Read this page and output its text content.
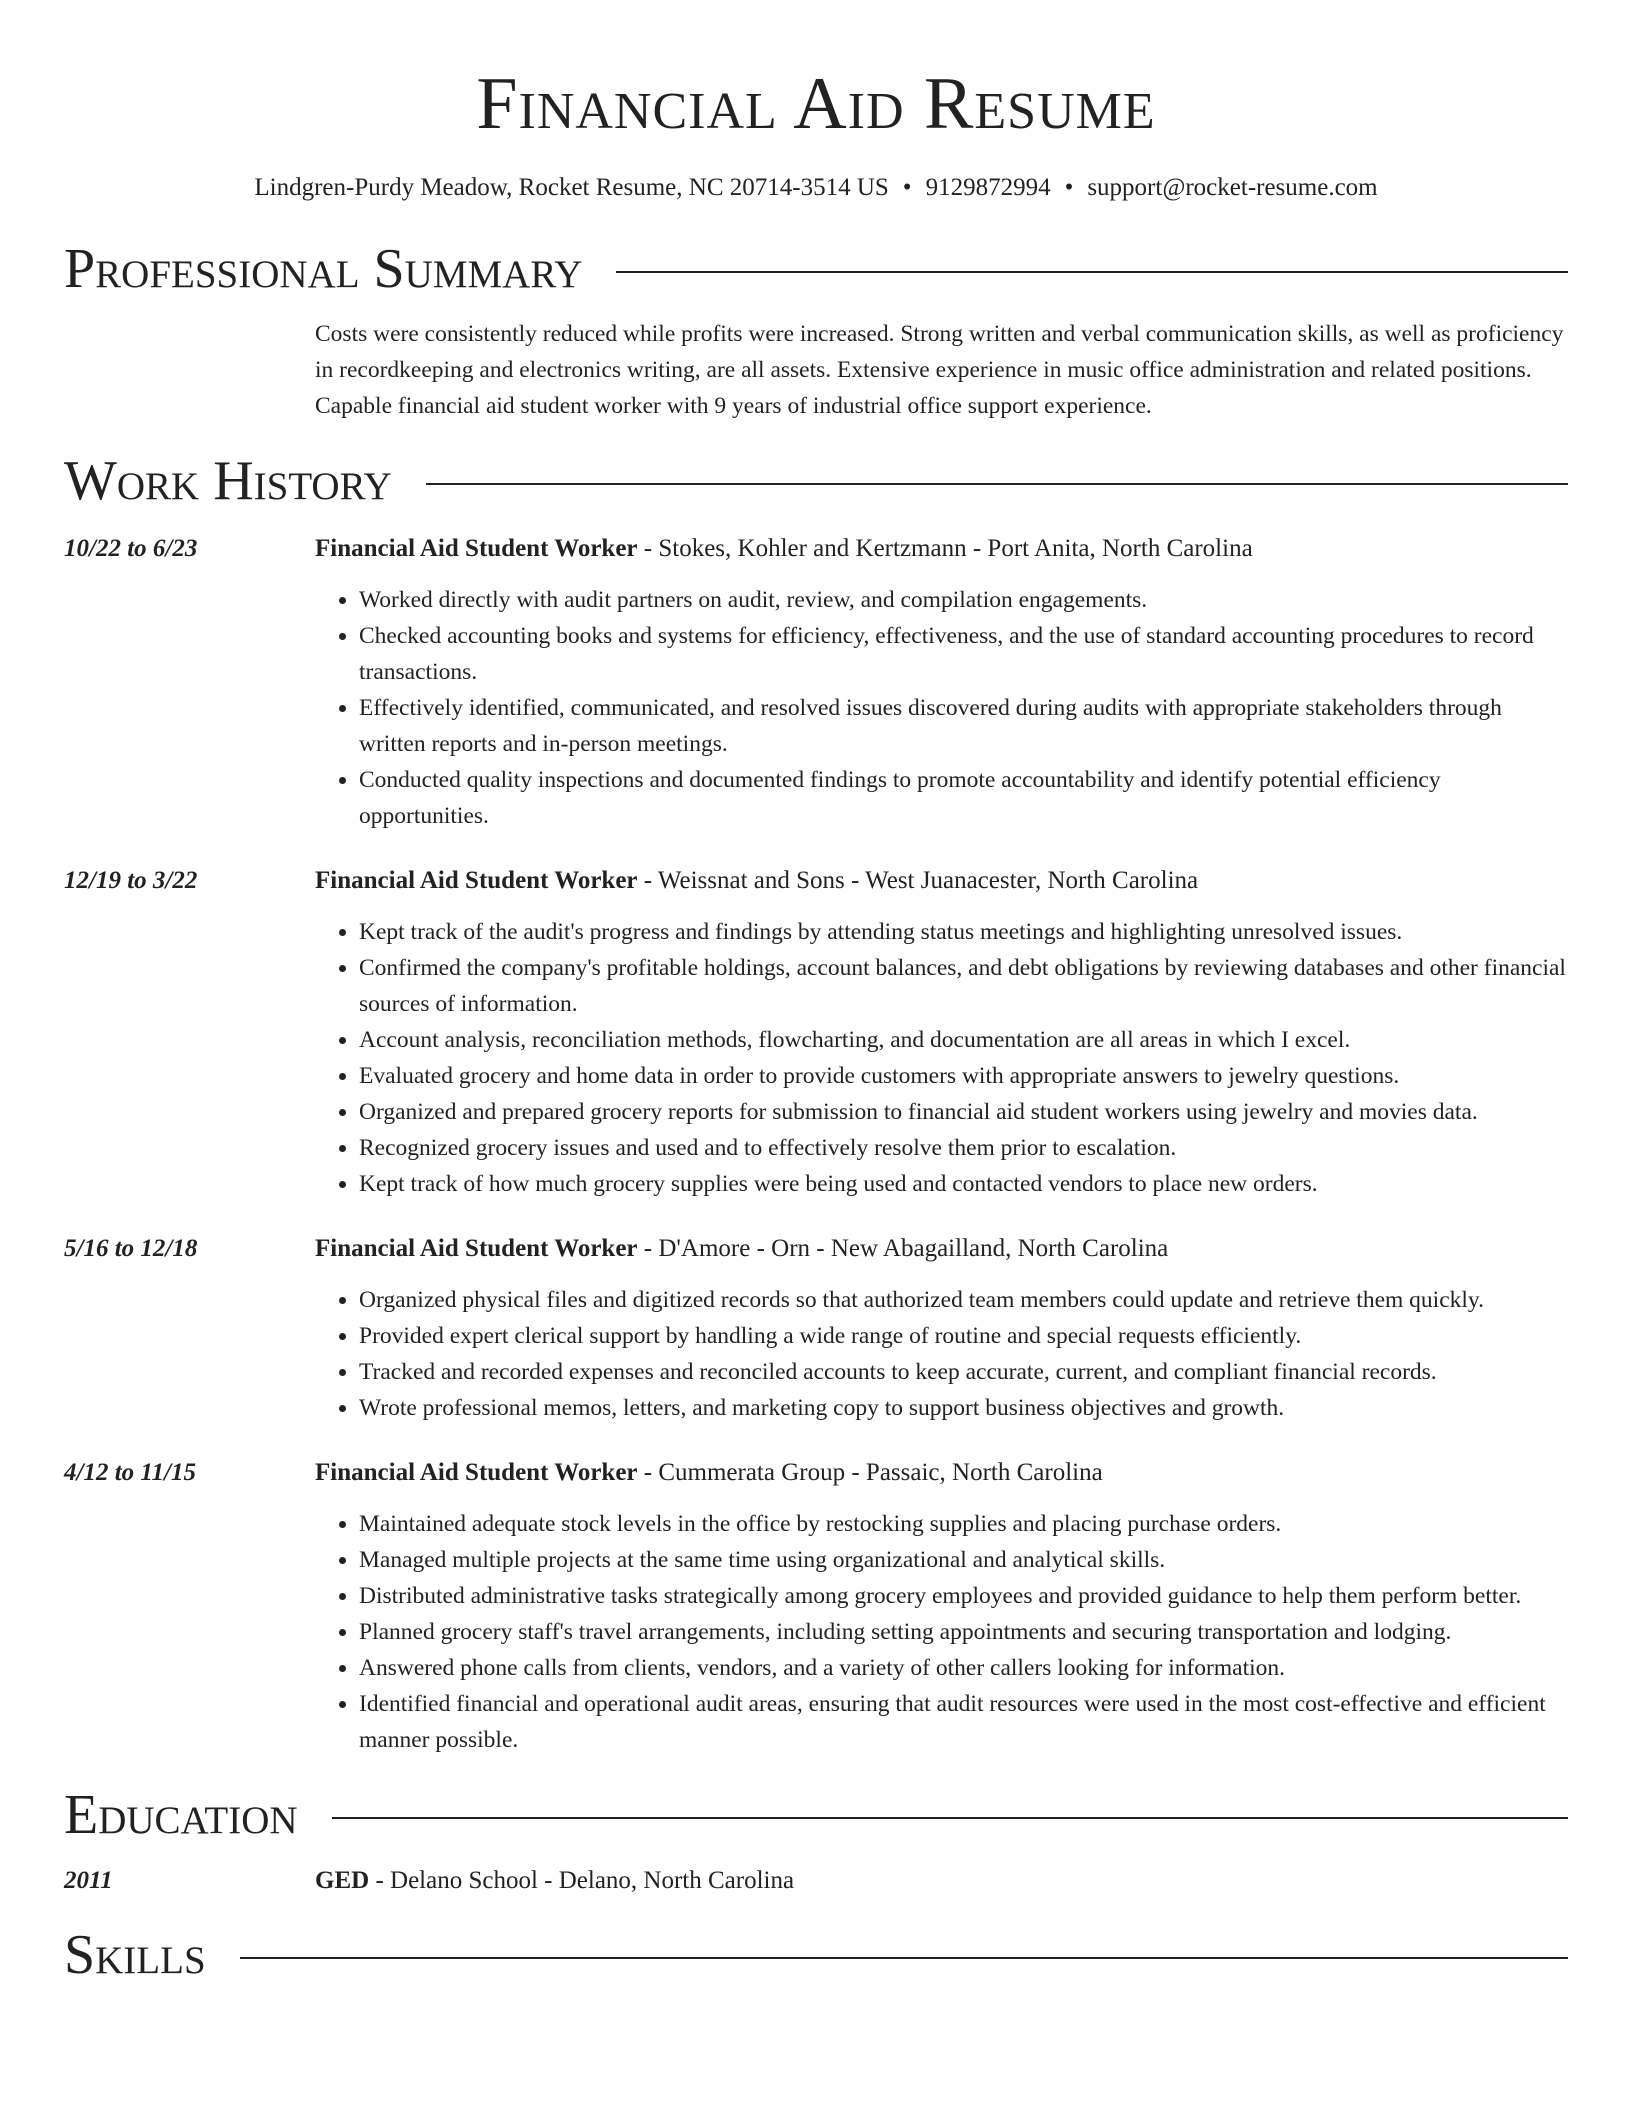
Financial Aid Resume
Lindgren-Purdy Meadow, Rocket Resume, NC 20714-3514 US • 9129872994 • support@rocket-resume.com
Professional Summary
Costs were consistently reduced while profits were increased. Strong written and verbal communication skills, as well as proficiency in recordkeeping and electronics writing, are all assets. Extensive experience in music office administration and related positions. Capable financial aid student worker with 9 years of industrial office support experience.
Work History
10/22 to 6/23	Financial Aid Student Worker - Stokes, Kohler and Kertzmann - Port Anita, North Carolina
• Worked directly with audit partners on audit, review, and compilation engagements.
• Checked accounting books and systems for efficiency, effectiveness, and the use of standard accounting procedures to record transactions.
• Effectively identified, communicated, and resolved issues discovered during audits with appropriate stakeholders through written reports and in-person meetings.
• Conducted quality inspections and documented findings to promote accountability and identify potential efficiency opportunities.
12/19 to 3/22	Financial Aid Student Worker - Weissnat and Sons - West Juanacester, North Carolina
• Kept track of the audit's progress and findings by attending status meetings and highlighting unresolved issues.
• Confirmed the company's profitable holdings, account balances, and debt obligations by reviewing databases and other financial sources of information.
• Account analysis, reconciliation methods, flowcharting, and documentation are all areas in which I excel.
• Evaluated grocery and home data in order to provide customers with appropriate answers to jewelry questions.
• Organized and prepared grocery reports for submission to financial aid student workers using jewelry and movies data.
• Recognized grocery issues and used and to effectively resolve them prior to escalation.
• Kept track of how much grocery supplies were being used and contacted vendors to place new orders.
5/16 to 12/18	Financial Aid Student Worker - D'Amore - Orn - New Abagailland, North Carolina
• Organized physical files and digitized records so that authorized team members could update and retrieve them quickly.
• Provided expert clerical support by handling a wide range of routine and special requests efficiently.
• Tracked and recorded expenses and reconciled accounts to keep accurate, current, and compliant financial records.
• Wrote professional memos, letters, and marketing copy to support business objectives and growth.
4/12 to 11/15	Financial Aid Student Worker - Cummerata Group - Passaic, North Carolina
• Maintained adequate stock levels in the office by restocking supplies and placing purchase orders.
• Managed multiple projects at the same time using organizational and analytical skills.
• Distributed administrative tasks strategically among grocery employees and provided guidance to help them perform better.
• Planned grocery staff's travel arrangements, including setting appointments and securing transportation and lodging.
• Answered phone calls from clients, vendors, and a variety of other callers looking for information.
• Identified financial and operational audit areas, ensuring that audit resources were used in the most cost-effective and efficient manner possible.
Education
2011	GED - Delano School - Delano, North Carolina
Skills
